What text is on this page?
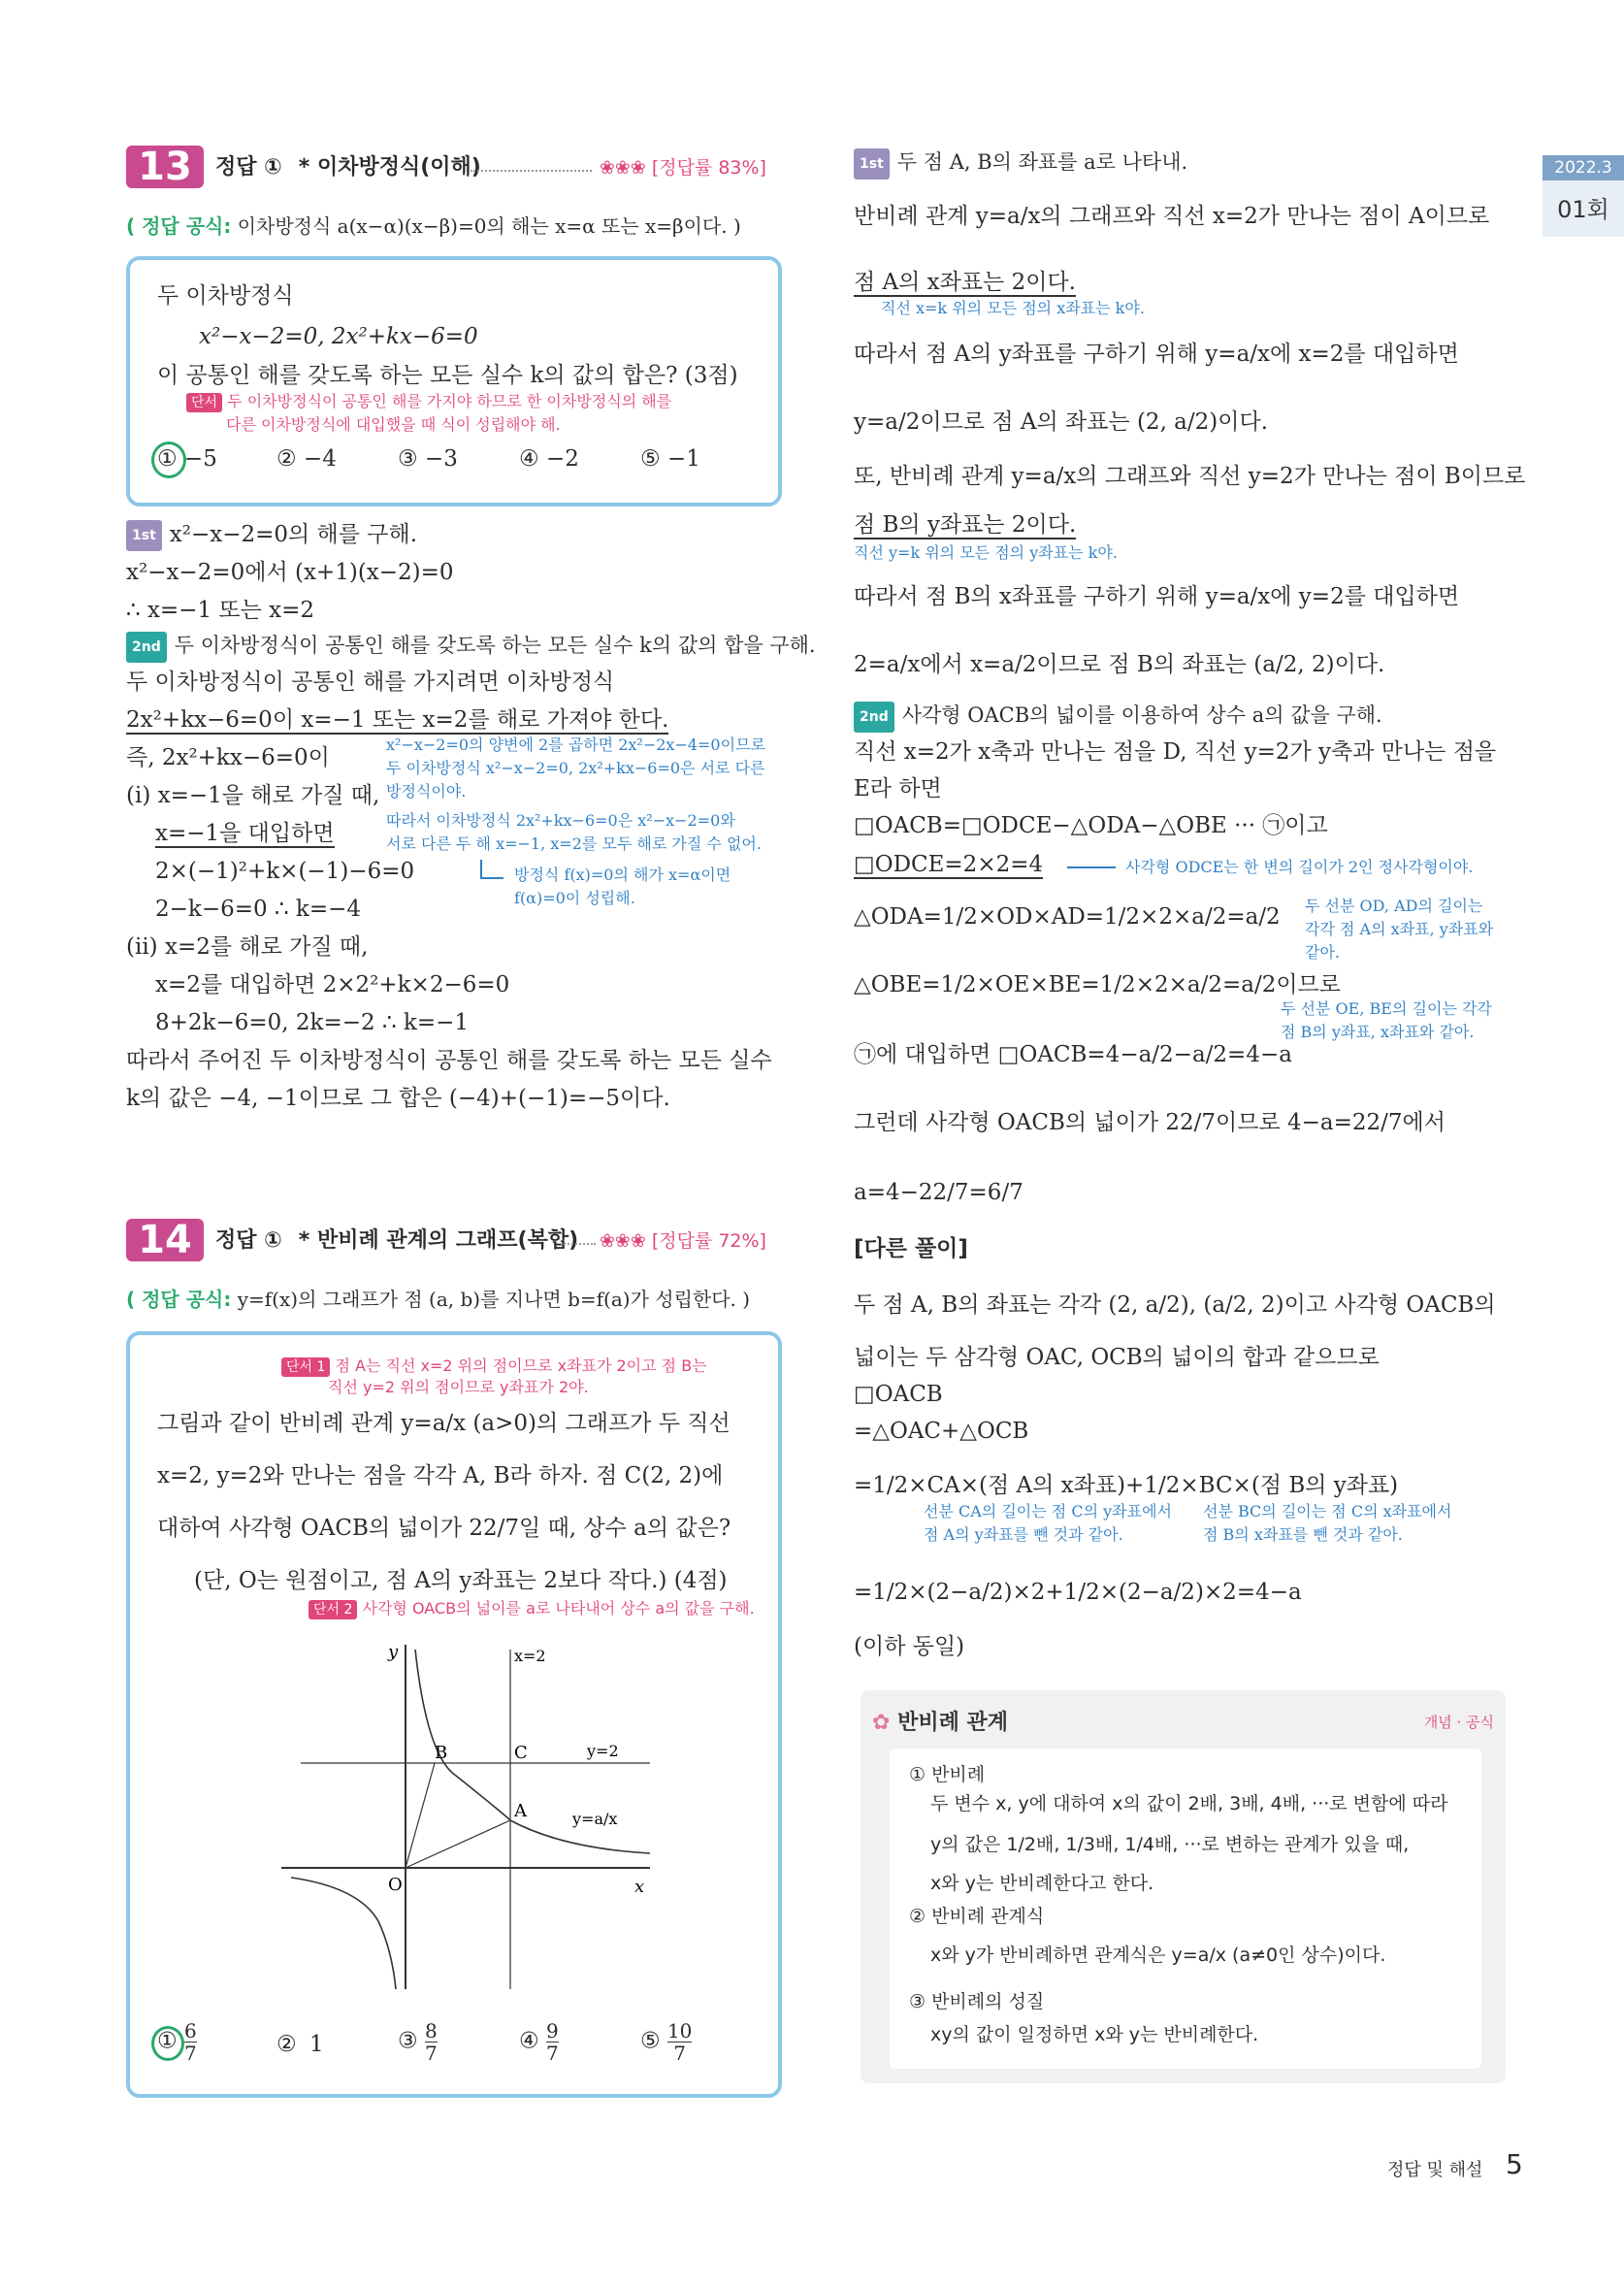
2022.3
01회
13	정답 ① * 이차방정식(이해)	❀❀❀ [정답률 83%]
( 정답 공식: 이차방정식 a(x−α)(x−β)=0의 해는 x=α 또는 x=β이다. )
두 이차방정식
x²−x−2=0, 2x²+kx−6=0
이 공통인 해를 갖도록 하는 모든 실수 k의 값의 합은? (3점)
단서 두 이차방정식이 공통인 해를 가지야 하므로 한 이차방정식의 해를
다른 이차방정식에 대입했을 때 식이 성립해야 해.
① −5	② −4	③ −3	④ −2	⑤ −1
1st x²−x−2=0의 해를 구해.
x²−x−2=0에서 (x+1)(x−2)=0
∴ x=−1 또는 x=2
2nd 두 이차방정식이 공통인 해를 갖도록 하는 모든 실수 k의 값의 합을 구해.
두 이차방정식이 공통인 해를 가지려면 이차방정식
2x²+kx−6=0이 x=−1 또는 x=2를 해로 가져야 한다.
즉, 2x²+kx−6=0이
(i) x=−1을 해로 가질 때,
x=−1을 대입하면
2×(−1)²+k×(−1)−6=0
2−k−6=0 ∴ k=−4
(ii) x=2를 해로 가질 때,
x=2를 대입하면 2×2²+k×2−6=0
8+2k−6=0, 2k=−2 ∴ k=−1
따라서 주어진 두 이차방정식이 공통인 해를 갖도록 하는 모든 실수
k의 값은 −4, −1이므로 그 합은 (−4)+(−1)=−5이다.
x²−x−2=0의 양변에 2를 곱하면 2x²−2x−4=0이므로
두 이차방정식 x²−x−2=0, 2x²+kx−6=0은 서로 다른
방정식이야.
따라서 이차방정식 2x²+kx−6=0은 x²−x−2=0와
서로 다른 두 해 x=−1, x=2를 모두 해로 가질 수 없어.
방정식 f(x)=0의 해가 x=α이면
f(α)=0이 성립해.
14	정답 ① * 반비례 관계의 그래프(복합) ❀❀❀ [정답률 72%]
( 정답 공식: y=f(x)의 그래프가 점 (a, b)를 지나면 b=f(a)가 성립한다. )
단서 1 점 A는 직선 x=2 위의 점이므로 x좌표가 2이고 점 B는
직선 y=2 위의 점이므로 y좌표가 2야.
그림과 같이 반비례 관계 y=a/x (a>0)의 그래프가 두 직선
x=2, y=2와 만나는 점을 각각 A, B라 하자. 점 C(2, 2)에
대하여 사각형 OACB의 넓이가 22/7일 때, 상수 a의 값은?
(단, O는 원점이고, 점 A의 y좌표는 2보다 작다.) (4점)
단서 2 사각형 OACB의 넓이를 a로 나타내어 상수 a의 값을 구해.
y
x
O
B	C
A
x=2
y=2
y=a/x
① $\frac{6}{7}$	② 1	③ $\frac{8}{7}$	④ $\frac{9}{7}$	⑤ $\frac{10}{7}$
1st 두 점 A, B의 좌표를 a로 나타내.
반비례 관계 y=a/x의 그래프와 직선 x=2가 만나는 점이 A이므로
점 A의 x좌표는 2이다.
직선 x=k 위의 모든 점의 x좌표는 k야.
따라서 점 A의 y좌표를 구하기 위해 y=a/x에 x=2를 대입하면
y=a/2이므로 점 A의 좌표는 (2, a/2)이다.
또, 반비례 관계 y=a/x의 그래프와 직선 y=2가 만나는 점이 B이므로
점 B의 y좌표는 2이다.
직선 y=k 위의 모든 점의 y좌표는 k야.
따라서 점 B의 x좌표를 구하기 위해 y=a/x에 y=2를 대입하면
2=a/x에서 x=a/2이므로 점 B의 좌표는 (a/2, 2)이다.
2nd 사각형 OACB의 넓이를 이용하여 상수 a의 값을 구해.
직선 x=2가 x축과 만나는 점을 D, 직선 y=2가 y축과 만나는 점을
E라 하면
□OACB=□ODCE−△ODA−△OBE ··· ㉠이고
□ODCE=2×2=4	사각형 ODCE는 한 변의 길이가 2인 정사각형이야.
△ODA=1/2×OD×AD=1/2×2×a/2=a/2 두 선분 OD, AD의 길이는
각각 점 A의 x좌표, y좌표와
같아.
△OBE=1/2×OE×BE=1/2×2×a/2=a/2이므로
두 선분 OE, BE의 길이는 각각
점 B의 y좌표, x좌표와 같아.
㉠에 대입하면 □OACB=4−a/2−a/2=4−a
그런데 사각형 OACB의 넓이가 22/7이므로 4−a=22/7에서
a=4−22/7=6/7
[다른 풀이]
두 점 A, B의 좌표는 각각 (2, a/2), (a/2, 2)이고 사각형 OACB의
넓이는 두 삼각형 OAC, OCB의 넓이의 합과 같으므로
□OACB
=△OAC+△OCB
=1/2×CA×(점 A의 x좌표)+1/2×BC×(점 B의 y좌표)
선분 CA의 길이는 점 C의 y좌표에서
점 A의 y좌표를 뺀 것과 같아.
선분 BC의 길이는 점 C의 x좌표에서
점 B의 x좌표를 뺀 것과 같아.
=1/2×(2−a/2)×2+1/2×(2−a/2)×2=4−a
(이하 동일)
✿ 반비례 관계	개념 · 공식
① 반비례
두 변수 x, y에 대하여 x의 값이 2배, 3배, 4배, ···로 변함에 따라
y의 값은 1/2배, 1/3배, 1/4배, ···로 변하는 관계가 있을 때,
x와 y는 반비례한다고 한다.
② 반비례 관계식
x와 y가 반비례하면 관계식은 y=a/x (a≠0인 상수)이다.
③ 반비례의 성질
xy의 값이 일정하면 x와 y는 반비례한다.
정답 및 해설 5
